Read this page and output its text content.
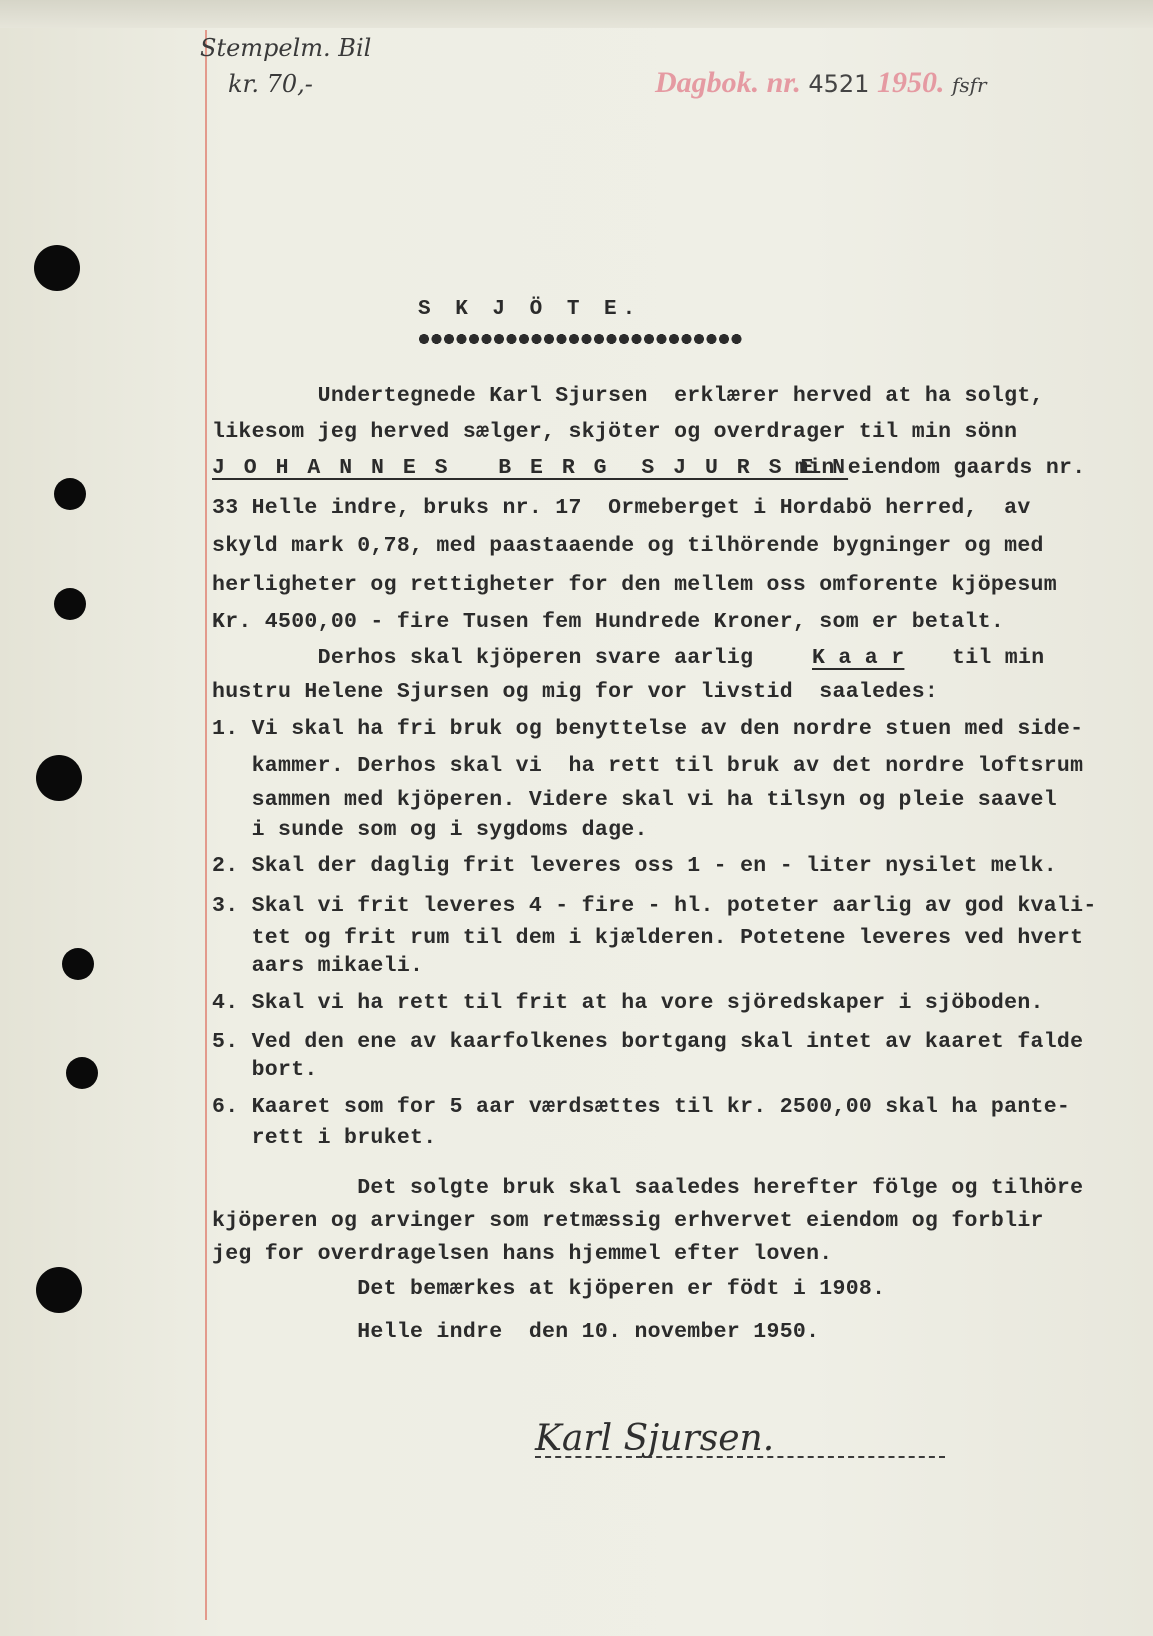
Stempelm. Bil
kr. 70,-	Dagbok. nr. 4521 1950. fsfr
S K J Ö T E.
Undertegnede Karl Sjursen  erklærer herved at ha solgt,
likesom jeg herved sælger, skjöter og overdrager til min sönn
J O H A N N E S   B E R G  S J U R S E N
min eiendom gaards nr.
33 Helle indre, bruks nr. 17  Ormeberget i Hordabö herred,  av
skyld mark 0,78, med paastaaende og tilhörende bygninger og med
herligheter og rettigheter for den mellem oss omforente kjöpesum
Kr. 4500,00 - fire Tusen fem Hundrede Kroner, som er betalt.
Derhos skal kjöperen svare aarlig	K a a r til min
hustru Helene Sjursen og mig for vor livstid  saaledes:
1. Vi skal ha fri bruk og benyttelse av den nordre stuen med side-
kammer. Derhos skal vi  ha rett til bruk av det nordre loftsrum
sammen med kjöperen. Videre skal vi ha tilsyn og pleie saavel
i sunde som og i sygdoms dage.
2. Skal der daglig frit leveres oss 1 - en - liter nysilet melk.
3. Skal vi frit leveres 4 - fire - hl. poteter aarlig av god kvali-
tet og frit rum til dem i kjælderen. Potetene leveres ved hvert
aars mikaeli.
4. Skal vi ha rett til frit at ha vore sjöredskaper i sjöboden.
5. Ved den ene av kaarfolkenes bortgang skal intet av kaaret falde
bort.
6. Kaaret som for 5 aar værdsættes til kr. 2500,00 skal ha pante-
rett i bruket.
Det solgte bruk skal saaledes herefter fölge og tilhöre
kjöperen og arvinger som retmæssig erhvervet eiendom og forblir
jeg for overdragelsen hans hjemmel efter loven.
Det bemærkes at kjöperen er födt i 1908.
Helle indre  den 10. november 1950.
Karl Sjursen.
